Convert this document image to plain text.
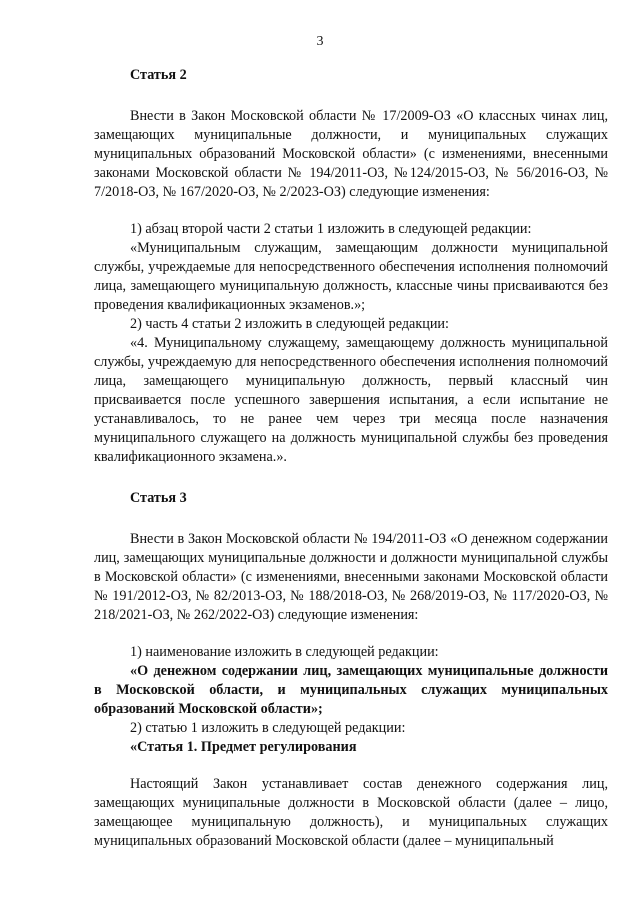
3

Статья 2

Внести в Закон Московской области № 17/2009-ОЗ «О классных чинах лиц, замещающих муниципальные должности, и муниципальных служащих муниципальных образований Московской области» (с изменениями, внесенными законами Московской области № 194/2011-ОЗ, №124/2015-ОЗ, № 56/2016-ОЗ, № 7/2018-ОЗ, № 167/2020-ОЗ, № 2/2023-ОЗ) следующие изменения:

1) абзац второй части 2 статьи 1 изложить в следующей редакции:

«Муниципальным служащим, замещающим должности муниципальной службы, учреждаемые для непосредственного обеспечения исполнения полномочий лица, замещающего муниципальную должность, классные чины присваиваются без проведения квалификационных экзаменов.»;

2) часть 4 статьи 2 изложить в следующей редакции:

«4. Муниципальному служащему, замещающему должность муниципальной службы, учреждаемую для непосредственного обеспечения исполнения полномочий лица, замещающего муниципальную должность, первый классный чин присваивается после успешного завершения испытания, а если испытание не устанавливалось, то не ранее чем через три месяца после назначения муниципального служащего на должность муниципальной службы без проведения квалификационного экзамена.».

Статья 3

Внести в Закон Московской области № 194/2011-ОЗ «О денежном содержании лиц, замещающих муниципальные должности и должности муниципальной службы в Московской области» (с изменениями, внесенными законами Московской области № 191/2012-ОЗ, № 82/2013-ОЗ, № 188/2018-ОЗ, № 268/2019-ОЗ, № 117/2020-ОЗ, № 218/2021-ОЗ, № 262/2022-ОЗ) следующие изменения:

1) наименование изложить в следующей редакции:

«О денежном содержании лиц, замещающих муниципальные должности в Московской области, и муниципальных служащих муниципальных образований Московской области»;

2) статью 1 изложить в следующей редакции:

«Статья 1. Предмет регулирования

Настоящий Закон устанавливает состав денежного содержания лиц, замещающих муниципальные должности в Московской области (далее – лицо, замещающее муниципальную должность), и муниципальных служащих муниципальных образований Московской области (далее – муниципальный
